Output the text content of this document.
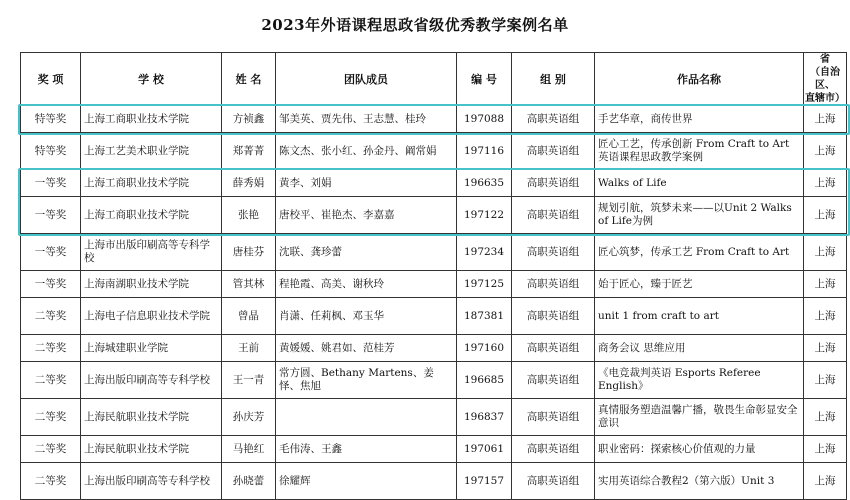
2023年外语课程思政省级优秀教学案例名单
奖 项	学 校	姓 名	团队成员	编 号	组 别	作品名称	省
（自治区、
直辖市）
特等奖	上海工商职业技术学院	方祯鑫	邹美英、贾先伟、王志慧、桂玲	197088	高职英语组	手艺华章，商传世界	上海
特等奖	上海工艺美术职业学院	郑菁菁	陈文杰、张小红、孙金丹、阚常娟	197116	高职英语组	匠心工艺，传承创新 From Craft to Art 英语课程思政教学案例	上海
一等奖	上海工商职业技术学院	薛秀娟	黄李、刘娟	196635	高职英语组	Walks of Life	上海
一等奖	上海工商职业技术学院	张艳	唐校平、崔艳杰、李嘉嘉	197122	高职英语组	规划引航，筑梦未来——以Unit 2 Walks of Life为例	上海
一等奖	上海市出版印刷高等专科学校	唐桂芬	沈联、龚珍蕾	197234	高职英语组	匠心筑梦，传承工艺 From Craft to Art	上海
一等奖	上海南湖职业技术学院	管其林	程艳霞、高美、谢秋玲	197125	高职英语组	始于匠心，臻于匠艺	上海
二等奖	上海电子信息职业技术学院	曾晶	肖潇、任莉枫、邓玉华	187381	高职英语组	unit 1 from craft to art	上海
二等奖	上海城建职业学院	王前	黄媛媛、姚君如、范桂芳	197160	高职英语组	商务会议 思维应用	上海
二等奖	上海出版印刷高等专科学校	王一青	常方圆、Bethany Martens、姜怿、焦旭	196685	高职英语组	《电竞裁判英语 Esports Referee English》	上海
二等奖	上海民航职业技术学院	孙庆芳		196837	高职英语组	真情服务塑造温馨广播，敬畏生命彰显安全意识	上海
二等奖	上海民航职业技术学院	马艳红	毛伟涛、王鑫	197061	高职英语组	职业密码：探索核心价值观的力量	上海
二等奖	上海出版印刷高等专科学校	孙晓蕾	徐耀辉	197157	高职英语组	实用英语综合教程2（第六版）Unit 3	上海
